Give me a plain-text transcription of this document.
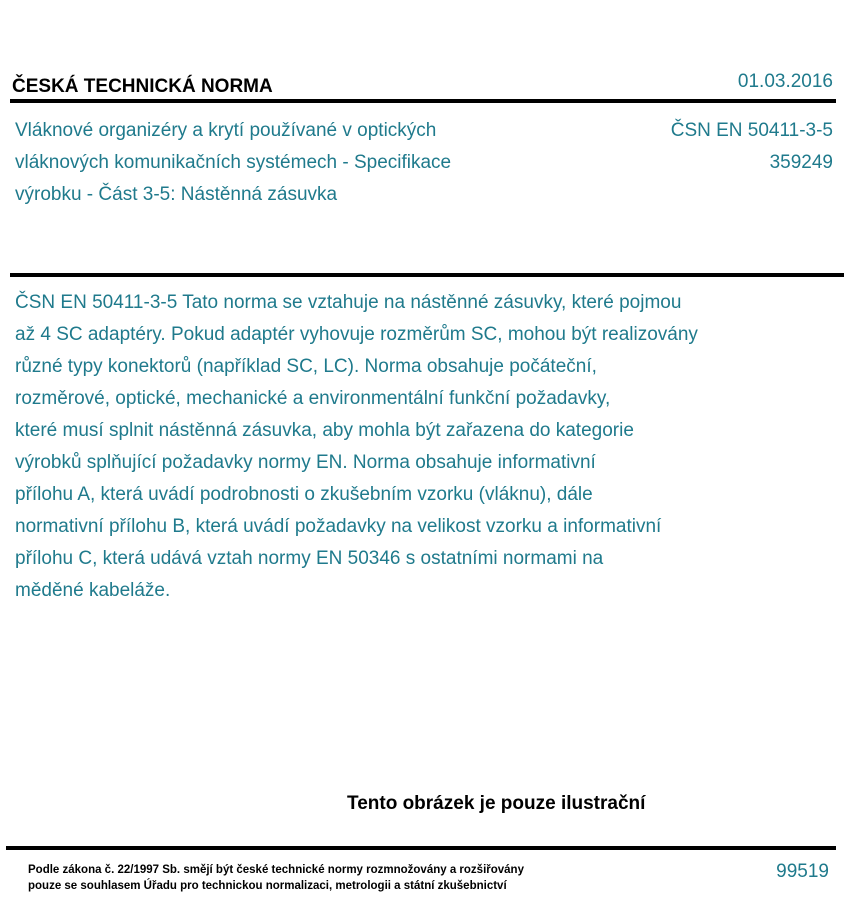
ČESKÁ TECHNICKÁ NORMA	01.03.2016
Vláknové organizéry a krytí používané v optických
vláknových komunikačních systémech - Specifikace
výrobku - Část 3-5: Nástěnná zásuvka
ČSN EN 50411-3-5
359249
ČSN EN 50411-3-5 Tato norma se vztahuje na nástěnné zásuvky, které pojmou
až 4 SC adaptéry. Pokud adaptér vyhovuje rozměrům SC, mohou být realizovány
různé typy konektorů (například SC, LC). Norma obsahuje počáteční,
rozměrové, optické, mechanické a environmentální funkční požadavky,
které musí splnit nástěnná zásuvka, aby mohla být zařazena do kategorie
výrobků splňující požadavky normy EN. Norma obsahuje informativní
přílohu A, která uvádí podrobnosti o zkušebním vzorku (vláknu), dále
normativní přílohu B, která uvádí požadavky na velikost vzorku a informativní
přílohu C, která udává vztah normy EN 50346 s ostatními normami na
měděné kabeláže.
Tento obrázek je pouze ilustrační
Podle zákona č. 22/1997 Sb. smějí být české technické normy rozmnožovány a rozšiřovány
pouze se souhlasem Úřadu pro technickou normalizaci, metrologii a státní zkušebnictví
99519
